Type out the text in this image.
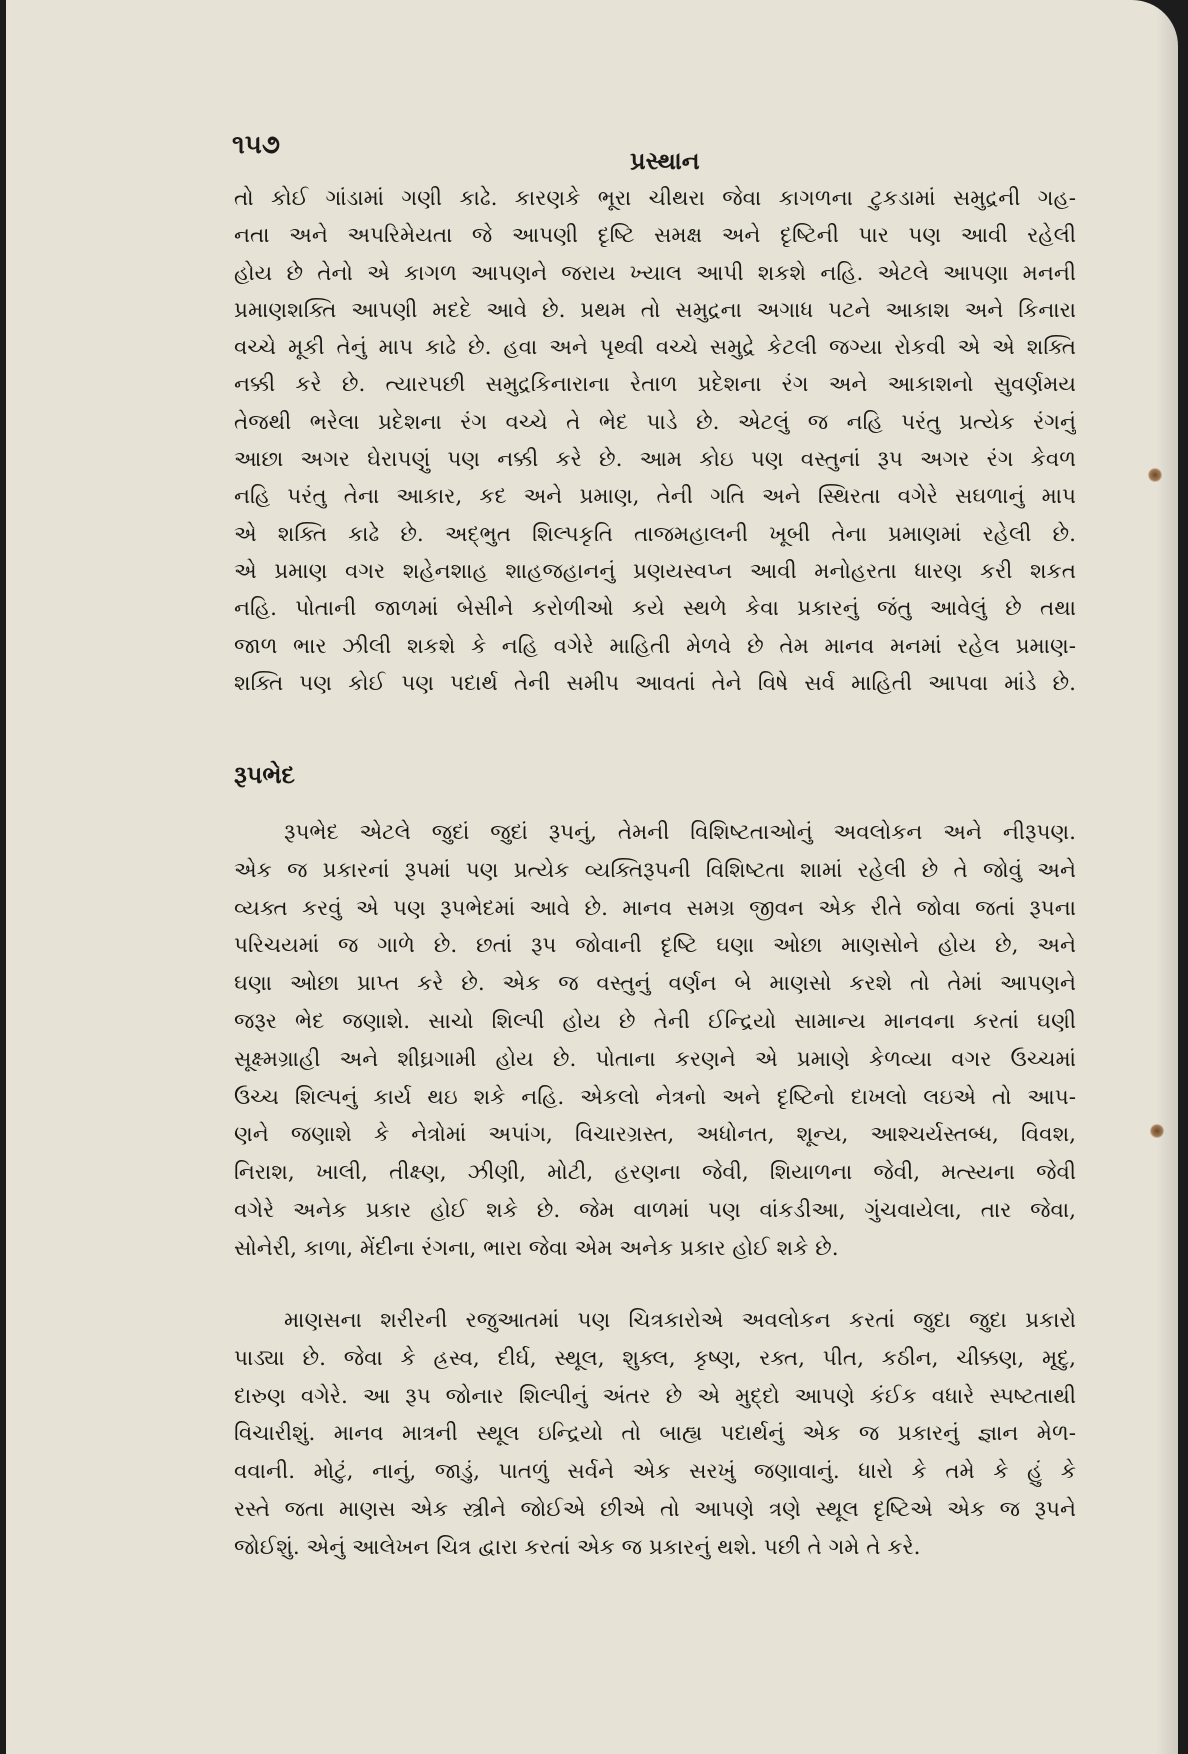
૧૫૭
પ્રસ્થાન
તો કોઈ ગાંડામાં ગણી કાઢે. કારણકે ભૂરા ચીથરા જેવા કાગળના ટુકડામાં સમુદ્રની ગહ-
નતા અને અપરિમેયતા જે આપણી દૃષ્ટિ સમક્ષ અને દૃષ્ટિની પાર પણ આવી રહેલી
હોય છે તેનો એ કાગળ આપણને જરાય ખ્યાલ આપી શકશે નહિ. એટલે આપણા મનની
પ્રમાણશક્તિ આપણી મદદે આવે છે. પ્રથમ તો સમુદ્રના અગાધ પટને આકાશ અને કિનારા
વચ્ચે મૂકી તેનું માપ કાઢે છે. હવા અને પૃથ્વી વચ્ચે સમુદ્રે કેટલી જગ્યા રોકવી એ એ શક્તિ
નક્કી કરે છે. ત્યારપછી સમુદ્રકિનારાના રેતાળ પ્રદેશના રંગ અને આકાશનો સુવર્ણમય
તેજથી ભરેલા પ્રદેશના રંગ વચ્ચે તે ભેદ પાડે છે. એટલું જ નહિ પરંતુ પ્રત્યેક રંગનું
આછા અગર ઘેરાપણું પણ નક્કી કરે છે. આમ કોઇ પણ વસ્તુનાં રૂપ અગર રંગ કેવળ
નહિ પરંતુ તેના આકાર, કદ અને પ્રમાણ, તેની ગતિ અને સ્થિરતા વગેરે સઘળાનું માપ
એ શક્તિ કાઢે છે. અદ્ભુત શિલ્પકૃતિ તાજમહાલની ખૂબી તેના પ્રમાણમાં રહેલી છે.
એ પ્રમાણ વગર શહેનશાહ શાહજહાનનું પ્રણયસ્વપ્ન આવી મનોહરતા ધારણ કરી શકત
નહિ. પોતાની જાળમાં બેસીને કરોળીઓ કયે સ્થળે કેવા પ્રકારનું જંતુ આવેલું છે તથા
જાળ ભાર ઝીલી શકશે કે નહિ વગેરે માહિતી મેળવે છે તેમ માનવ મનમાં રહેલ પ્રમાણ-
શક્તિ પણ કોઈ પણ પદાર્થ તેની સમીપ આવતાં તેને વિષે સર્વ માહિતી આપવા માંડે છે.
રૂપભેદ
રૂપભેદ એટલે જુદાં જુદાં રૂપનું, તેમની વિશિષ્ટતાઓનું અવલોકન અને નીરૂપણ.
એક જ પ્રકારનાં રૂપમાં પણ પ્રત્યેક વ્યક્તિરૂપની વિશિષ્ટતા શામાં રહેલી છે તે જોવું અને
વ્યક્ત કરવું એ પણ રૂપભેદમાં આવે છે. માનવ સમગ્ર જીવન એક રીતે જોવા જતાં રૂપના
પરિચયમાં જ ગાળે છે. છતાં રૂપ જોવાની દૃષ્ટિ ઘણા ઓછા માણસોને હોય છે, અને
ઘણા ઓછા પ્રાપ્ત કરે છે. એક જ વસ્તુનું વર્ણન બે માણસો કરશે તો તેમાં આપણને
જરૂર ભેદ જણાશે. સાચો શિલ્પી હોય છે તેની ઈન્દ્રિયો સામાન્ય માનવના કરતાં ઘણી
સૂક્ષ્મગ્રાહી અને શીઘ્રગામી હોય છે. પોતાના કરણને એ પ્રમાણે કેળવ્યા વગર ઉચ્ચમાં
ઉચ્ચ શિલ્પનું કાર્ય થઇ શકે નહિ. એકલો નેત્રનો અને દૃષ્ટિનો દાખલો લઇએ તો આપ-
ણને જણાશે કે નેત્રોમાં અપાંગ, વિચારગ્રસ્ત, અધોનત, શૂન્ય, આશ્ચર્યસ્તબ્ધ, વિવશ,
નિરાશ, ખાલી, તીક્ષ્ણ, ઝીણી, મોટી, હરણના જેવી, શિયાળના જેવી, મત્સ્યના જેવી
વગેરે અનેક પ્રકાર હોઈ શકે છે. જેમ વાળમાં પણ વાંકડીઆ, ગુંચવાયેલા, તાર જેવા,
સોનેરી, કાળા, મેંદીના રંગના, ભારા જેવા એમ અનેક પ્રકાર હોઈ શકે છે.
માણસના શરીરની રજુઆતમાં પણ ચિત્રકારોએ અવલોકન કરતાં જુદા જુદા પ્રકારો
પાડ્યા છે. જેવા કે હ્રસ્વ, દીર્ઘ, સ્થૂલ, શુક્લ, કૃષ્ણ, રક્ત, પીત, કઠીન, ચીક્કણ, મૃદુ,
દારુણ વગેરે. આ રૂપ જોનાર શિલ્પીનું અંતર છે એ મુદ્દો આપણે કંઈક વધારે સ્પષ્ટતાથી
વિચારીશું. માનવ માત્રની સ્થૂલ ઇન્દ્રિયો તો બાહ્ય પદાર્થનું એક જ પ્રકારનું જ્ઞાન મેળ-
વવાની. મોટું, નાનું, જાડું, પાતળું સર્વને એક સરખું જણાવાનું. ધારો કે તમે કે હું કે
રસ્તે જતા માણસ એક સ્ત્રીને જોઈએ છીએ તો આપણે ત્રણે સ્થૂલ દૃષ્ટિએ એક જ રૂપને
જોઈશું. એનું આલેખન ચિત્ર દ્વારા કરતાં એક જ પ્રકારનું થશે. પછી તે ગમે તે કરે.
